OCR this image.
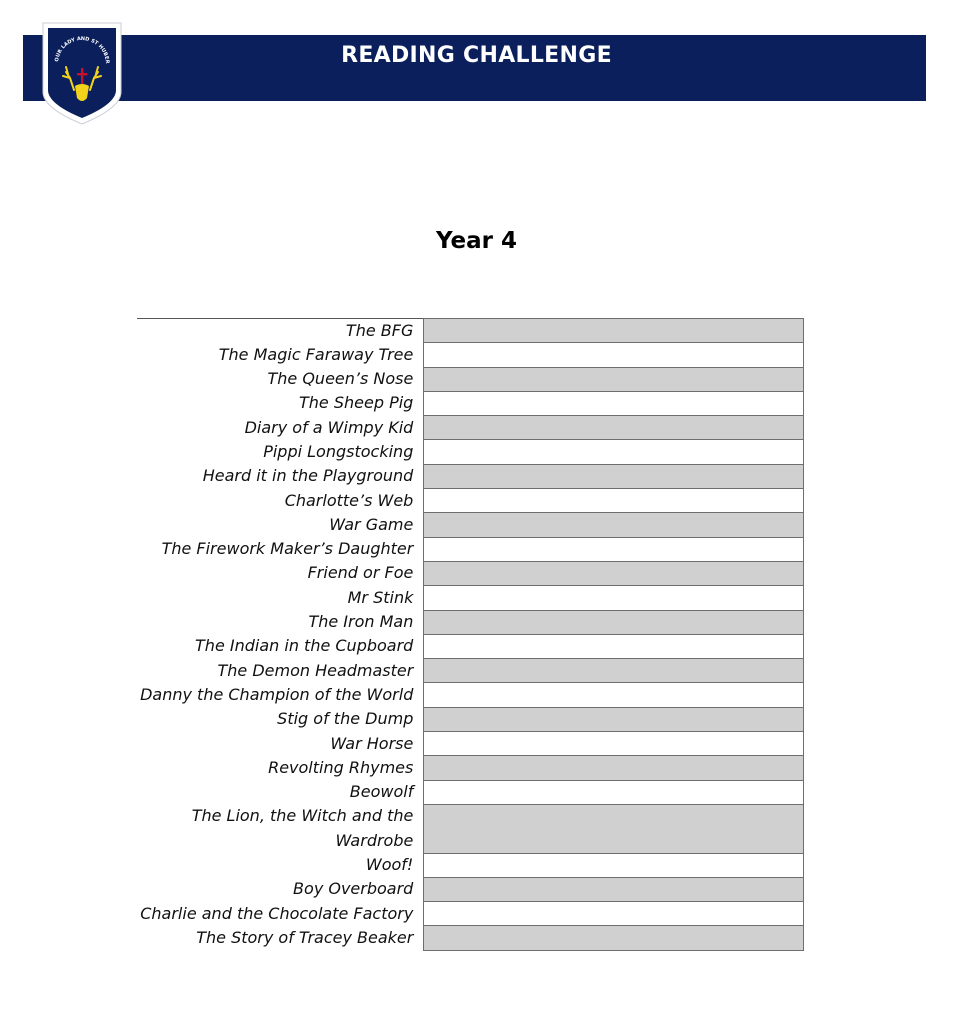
READING CHALLENGE
OUR LADY AND ST HUBER
Year 4
The BFG	
The Magic Faraway Tree	
The Queen’s Nose	
The Sheep Pig	
Diary of a Wimpy Kid	
Pippi Longstocking	
Heard it in the Playground	
Charlotte’s Web	
War Game	
The Firework Maker’s Daughter	
Friend or Foe	
Mr Stink	
The Iron Man	
The Indian in the Cupboard	
The Demon Headmaster	
Danny the Champion of the World	
Stig of the Dump	
War Horse	
Revolting Rhymes	
Beowolf	
The Lion, the Witch and the Wardrobe	
Woof!	
Boy Overboard	
Charlie and the Chocolate Factory	
The Story of Tracey Beaker	
